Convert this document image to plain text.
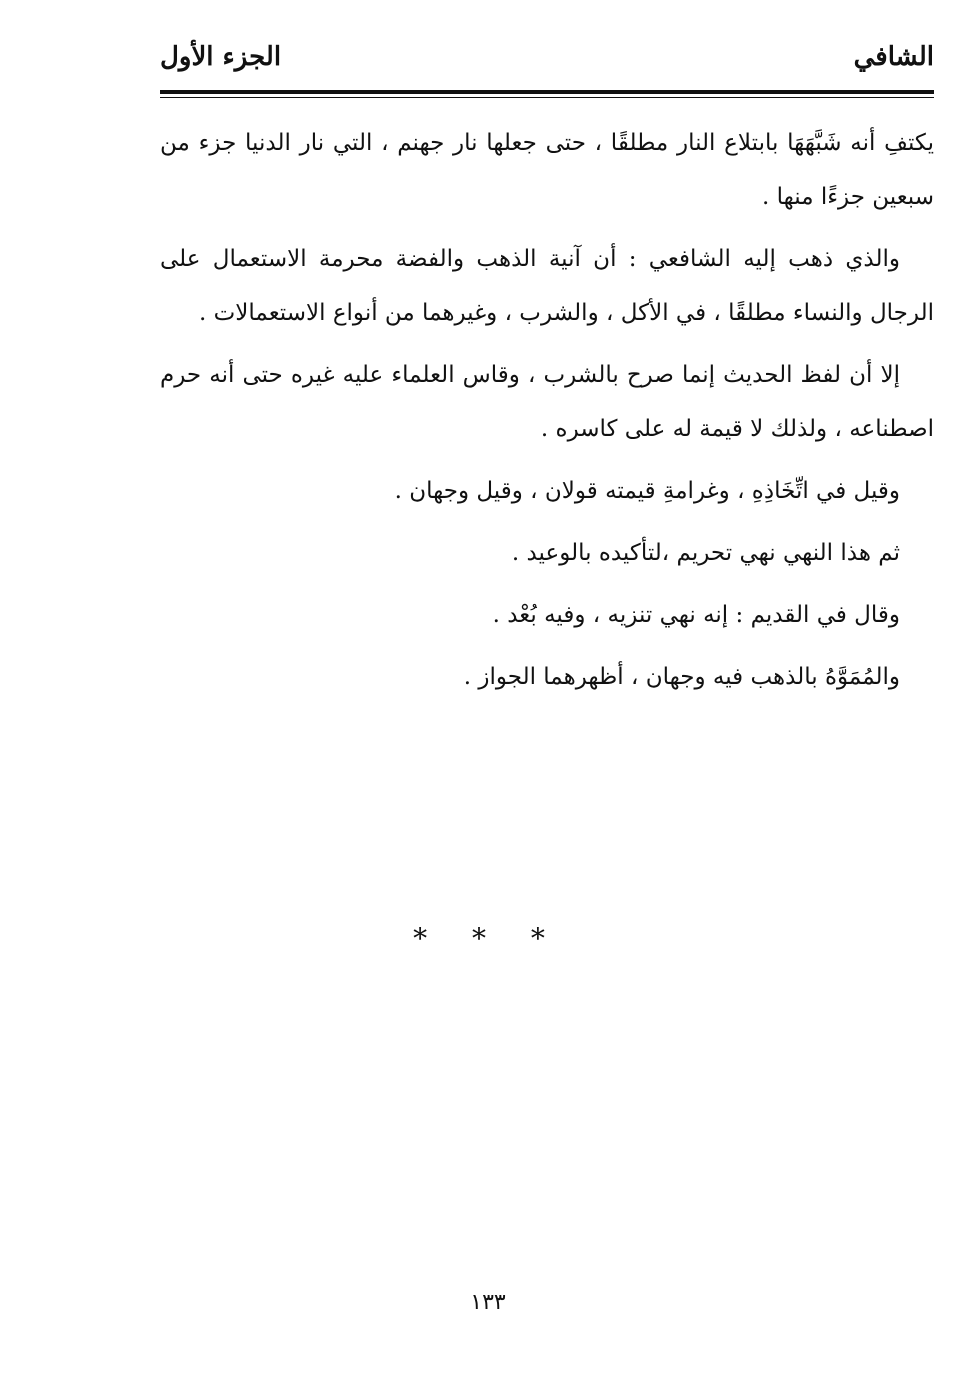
الشافي
الجزء الأول

يكتفِ أنه شَبَّهَهَا بابتلاع النار مطلقًا ، حتى جعلها نار جهنم ، التي نار الدنيا جزء من سبعين جزءًا منها .

والذي ذهب إليه الشافعي : أن آنية الذهب والفضة محرمة الاستعمال على الرجال والنساء مطلقًا ، في الأكل ، والشرب ، وغيرهما من أنواع الاستعمالات .

إلا أن لفظ الحديث إنما صرح بالشرب ، وقاس العلماء عليه غيره حتى أنه حرم اصطناعه ، ولذلك لا قيمة له على كاسره .

وقيل في اتِّخَاذِهِ ، وغرامةِ قيمته قولان ، وقيل وجهان .

ثم هذا النهي نهي تحريم ،لتأكيده بالوعيد .

وقال في القديم : إنه نهي تنزيه ، وفيه بُعْد .

والمُمَوَّهُ بالذهب فيه وجهان ، أظهرهما الجواز .

* * *
١٣٣
